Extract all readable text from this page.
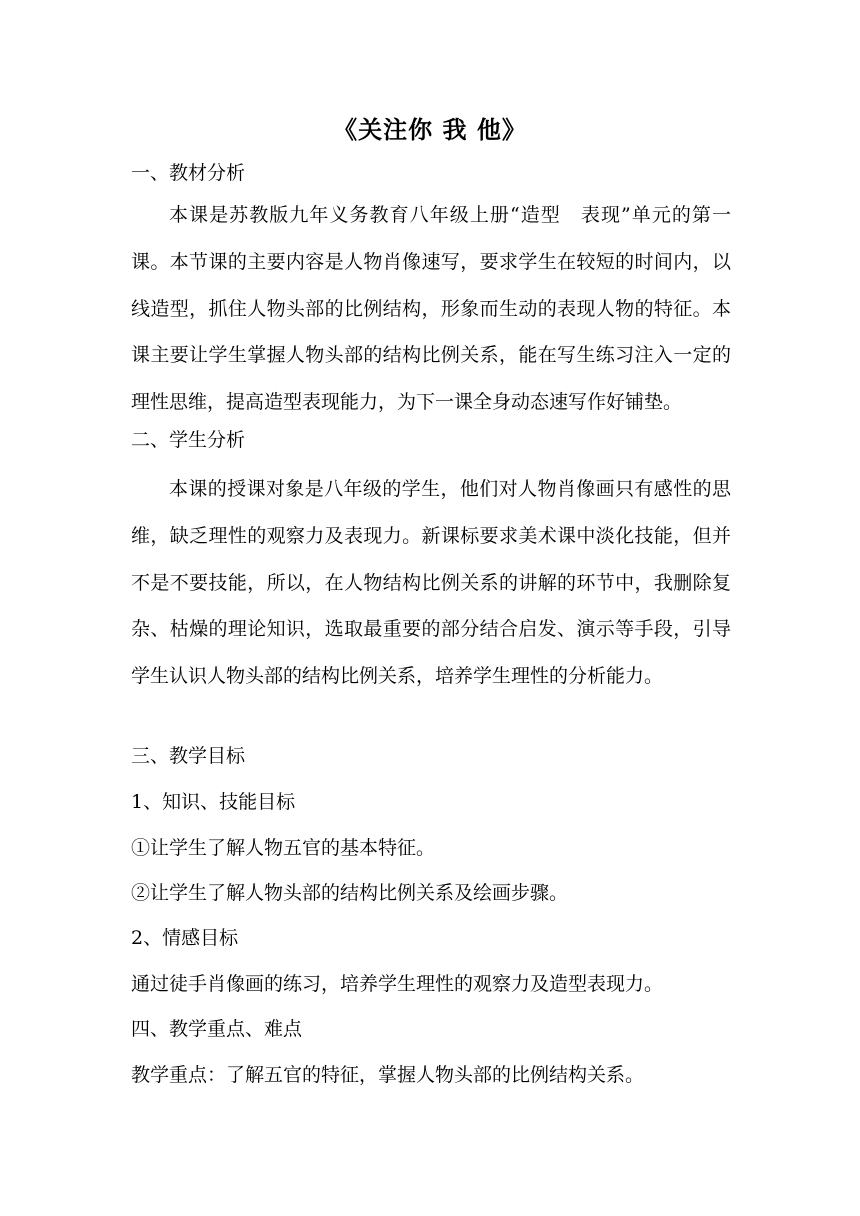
《关注你 我 他》
一、教材分析
本课是苏教版九年义务教育八年级上册“造型　表现”单元的第一课。本节课的主要内容是人物肖像速写，要求学生在较短的时间内，以线造型，抓住人物头部的比例结构，形象而生动的表现人物的特征。本课主要让学生掌握人物头部的结构比例关系，能在写生练习注入一定的理性思维，提高造型表现能力，为下一课全身动态速写作好铺垫。
二、学生分析
本课的授课对象是八年级的学生，他们对人物肖像画只有感性的思维，缺乏理性的观察力及表现力。新课标要求美术课中淡化技能，但并不是不要技能，所以，在人物结构比例关系的讲解的环节中，我删除复杂、枯燥的理论知识，选取最重要的部分结合启发、演示等手段，引导学生认识人物头部的结构比例关系，培养学生理性的分析能力。
三、教学目标
1、知识、技能目标
①让学生了解人物五官的基本特征。
②让学生了解人物头部的结构比例关系及绘画步骤。
2、情感目标
通过徒手肖像画的练习，培养学生理性的观察力及造型表现力。
四、教学重点、难点
教学重点：了解五官的特征，掌握人物头部的比例结构关系。
